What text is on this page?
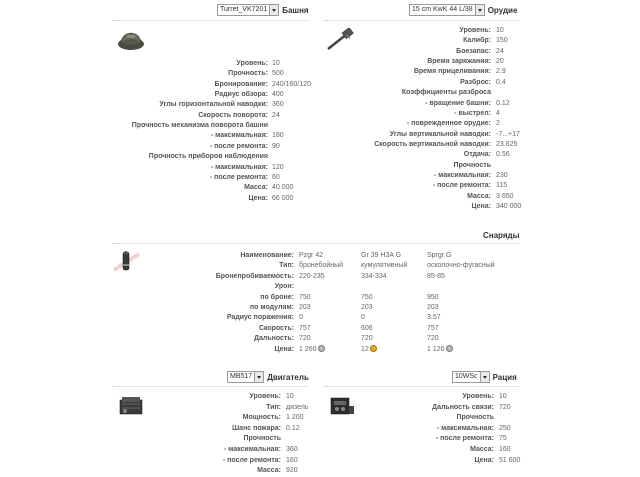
Turret_VK7201 Башня
Уровень: 10
Прочность: 500
Бронирование: 240/160/120
Радиус обзора: 400
Углы горизонтальной наводки: 360
Скорость поворота: 24
Прочность механизма поворота башни
- максимальная: 180
- после ремонта: 90
Прочность приборов наблюдения
- максимальная: 120
- после ремонта: 60
Масса: 40 000
Цена: 66 000
15 cm KwK 44 L/38 Орудие
Уровень: 10
Калибр: 150
Боезапас: 24
Время заряжания: 20
Время прицеливания: 2.9
Разброс: 0.4
Коэффициенты разброса
- вращение башни: 0.12
- выстрел: 4
- поврежденное орудие: 2
Углы вертикальной наводки: -7...+17
Скорость вертикальной наводки: 23.625
Отдача: 0.56
Прочность
- максимальная: 230
- после ремонта: 115
Масса: 3 650
Цена: 340 000
Снаряды
Наименование: Pzgr 42	Gr 39 H3A G	Sprgr G
Тип: бронебойный	кумулятивный	осколочно-фугасный
Бронепробиваемость: 220-235	334-334	85-85
Урон:
по броне: 750	750	950
по модулям: 203	203	203
Радиус поражения: 0	0	3.57
Скорость: 757	606	757
Дальность: 720	720	720
Цена: 1 260	12	1 120
MB517 Двигатель
Уровень: 10
Тип: дизель
Мощность: 1 200
Шанс пожара: 0.12
Прочность
- максимальная: 360
- после ремонта: 160
Масса: 920
10WSc Рация
Уровень: 10
Дальность связи: 720
Прочность
- максимальная: 250
- после ремонта: 75
Масса: 160
Цена: 51 600
